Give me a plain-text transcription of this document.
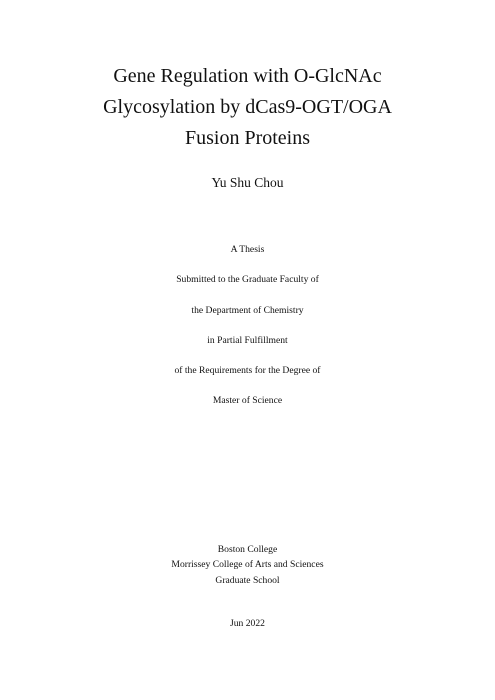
Gene Regulation with O-GlcNAc
Glycosylation by dCas9-OGT/OGA
Fusion Proteins
Yu Shu Chou
A Thesis
Submitted to the Graduate Faculty of
the Department of Chemistry
in Partial Fulfillment
of the Requirements for the Degree of
Master of Science
Boston College
Morrissey College of Arts and Sciences
Graduate School
Jun 2022
